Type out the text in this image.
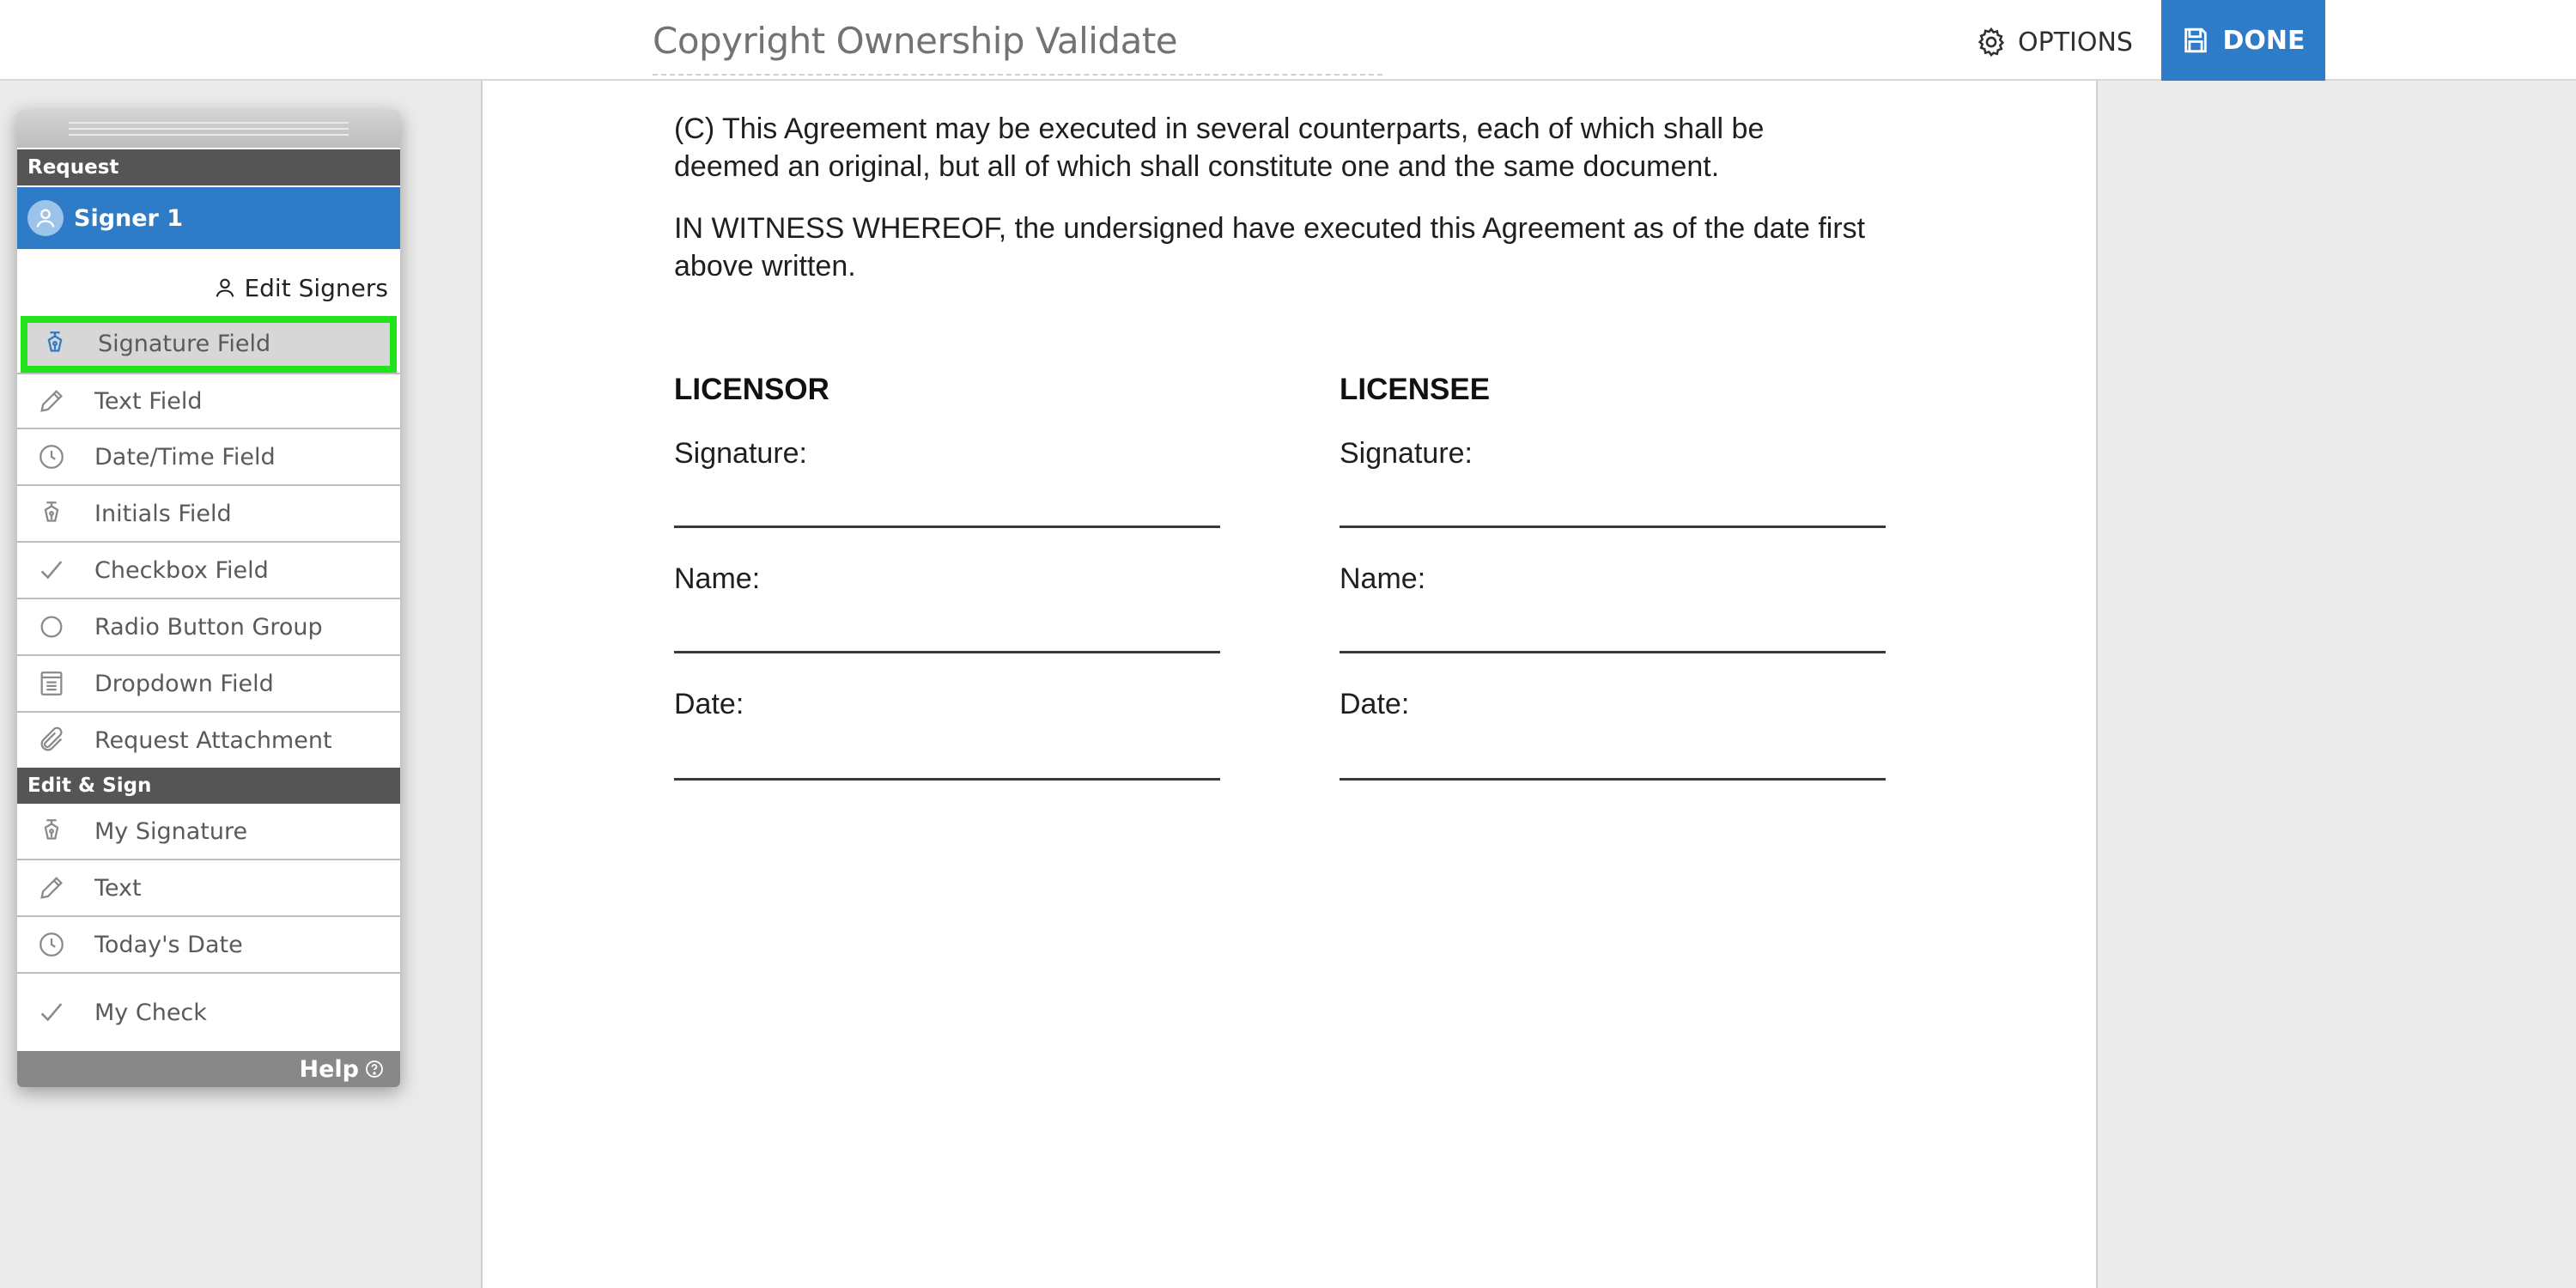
Copyright Ownership Validate	OPTIONS	DONE

(C) This Agreement may be executed in several counterparts, each of which shall be deemed an original, but all of which shall constitute one and the same document.

IN WITNESS WHEREOF, the undersigned have executed this Agreement as of the date first above written.

LICENSOR
Signature:
Name:
Date:
LICENSEE
Signature:
Name:
Date:
Request
Signer 1
Edit Signers
Signature Field
Text Field
Date/Time Field
Initials Field
Checkbox Field
Radio Button Group
Dropdown Field
Request Attachment
Edit & Sign
My Signature
Text
Today's Date
My Check
Help
